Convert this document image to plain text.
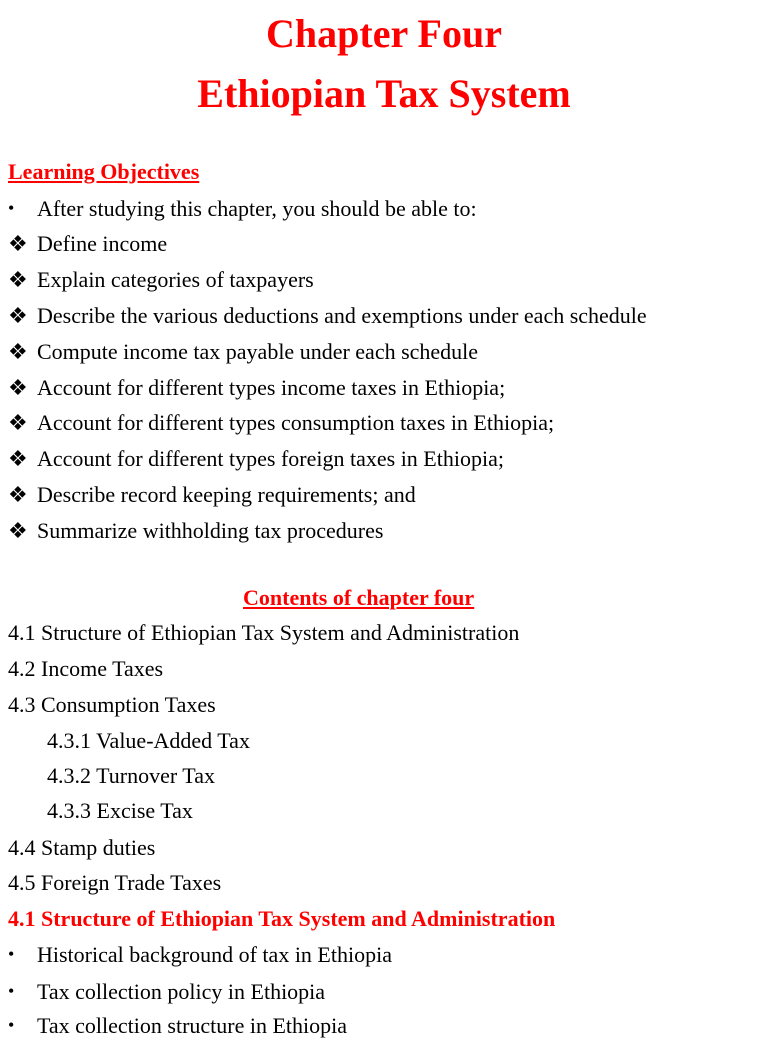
Chapter Four
Ethiopian Tax System
Learning Objectives
• After studying this chapter, you should be able to:
❖ Define income
❖ Explain categories of taxpayers
❖ Describe the various deductions and exemptions under each schedule
❖ Compute income tax payable under each schedule
❖ Account for different types income taxes in Ethiopia;
❖ Account for different types consumption taxes in Ethiopia;
❖ Account for different types foreign taxes in Ethiopia;
❖ Describe record keeping requirements; and
❖ Summarize withholding tax procedures
Contents of chapter four
4.1 Structure of Ethiopian Tax System and Administration
4.2 Income Taxes
4.3 Consumption Taxes
4.3.1 Value-Added Tax
4.3.2 Turnover Tax
4.3.3 Excise Tax
4.4 Stamp duties
4.5 Foreign Trade Taxes
4.1 Structure of Ethiopian Tax System and Administration
• Historical background of tax in Ethiopia
• Tax collection policy in Ethiopia
• Tax collection structure in Ethiopia
